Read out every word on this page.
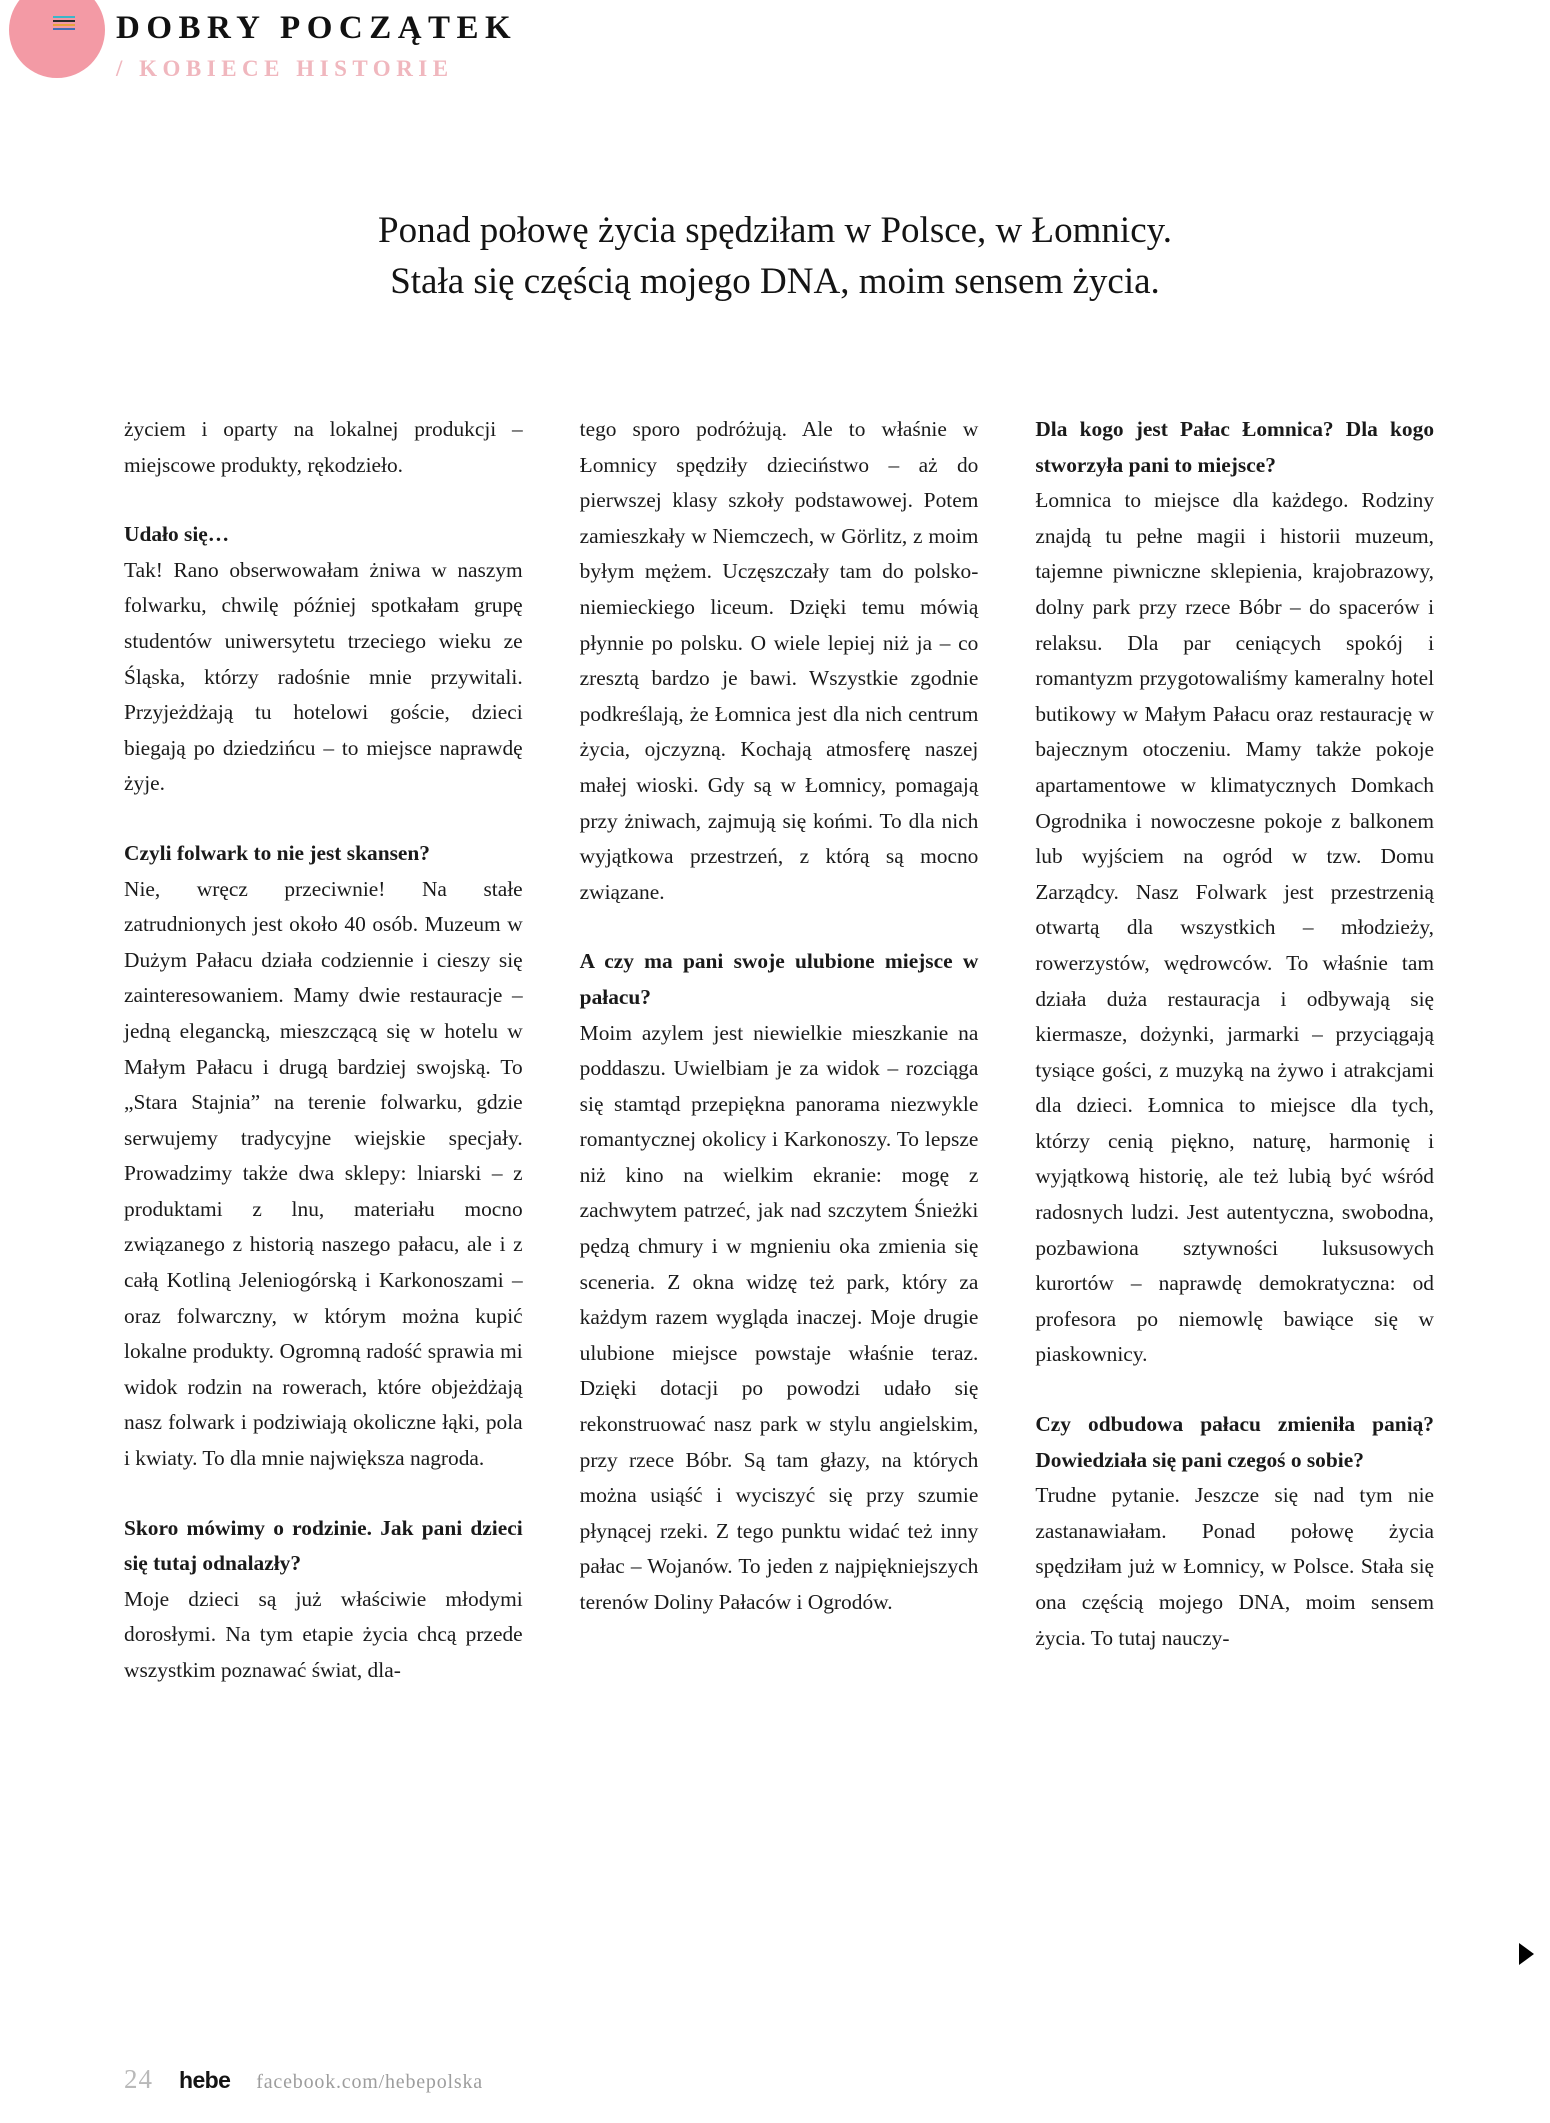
DOBRY POCZĄTEK
/ KOBIECE HISTORIE
Ponad połowę życia spędziłam w Polsce, w Łomnicy.
Stała się częścią mojego DNA, moim sensem życia.

życiem i oparty na lokalnej produkcji – miejscowe produkty, rękodzieło.

Udało się…

Tak! Rano obserwowałam żniwa w naszym folwarku, chwilę później spotkałam grupę studentów uniwersytetu trzeciego wieku ze Śląska, którzy radośnie mnie przywitali. Przyjeżdżają tu hotelowi goście, dzieci biegają po dziedzińcu – to miejsce naprawdę żyje.

Czyli folwark to nie jest skansen?

Nie, wręcz przeciwnie! Na stałe zatrudnionych jest około 40 osób. Muzeum w Dużym Pałacu działa codziennie i cieszy się zainteresowaniem. Mamy dwie restauracje – jedną elegancką, mieszczącą się w hotelu w Małym Pałacu i drugą bardziej swojską. To „Stara Stajnia” na terenie folwarku, gdzie serwujemy tradycyjne wiejskie specjały. Prowadzimy także dwa sklepy: lniarski – z produktami z lnu, materiału mocno związanego z historią naszego pałacu, ale i z całą Kotliną Jeleniogórską i Karkonoszami – oraz folwarczny, w którym można kupić lokalne produkty. Ogromną radość sprawia mi widok rodzin na rowerach, które objeżdżają nasz folwark i podziwiają okoliczne łąki, pola i kwiaty. To dla mnie największa nagroda.

Skoro mówimy o rodzinie. Jak pani dzieci się tutaj odnalazły?

Moje dzieci są już właściwie młodymi dorosłymi. Na tym etapie życia chcą przede wszystkim poznawać świat, dla-

tego sporo podróżują. Ale to właśnie w Łomnicy spędziły dzieciństwo – aż do pierwszej klasy szkoły podstawowej. Potem zamieszkały w Niemczech, w Görlitz, z moim byłym mężem. Uczęszczały tam do polsko-niemieckiego liceum. Dzięki temu mówią płynnie po polsku. O wiele lepiej niż ja – co zresztą bardzo je bawi. Wszystkie zgodnie podkreślają, że Łomnica jest dla nich centrum życia, ojczyzną. Kochają atmosferę naszej małej wioski. Gdy są w Łomnicy, pomagają przy żniwach, zajmują się końmi. To dla nich wyjątkowa przestrzeń, z którą są mocno związane.

A czy ma pani swoje ulubione miejsce w pałacu?

Moim azylem jest niewielkie mieszkanie na poddaszu. Uwielbiam je za widok – rozciąga się stamtąd przepiękna panorama niezwykle romantycznej okolicy i Karkonoszy. To lepsze niż kino na wielkim ekranie: mogę z zachwytem patrzeć, jak nad szczytem Śnieżki pędzą chmury i w mgnieniu oka zmienia się sceneria. Z okna widzę też park, który za każdym razem wygląda inaczej. Moje drugie ulubione miejsce powstaje właśnie teraz. Dzięki dotacji po powodzi udało się rekonstruować nasz park w stylu angielskim, przy rzece Bóbr. Są tam głazy, na których można usiąść i wyciszyć się przy szumie płynącej rzeki. Z tego punktu widać też inny pałac – Wojanów. To jeden z najpiękniejszych terenów Doliny Pałaców i Ogrodów.

Dla kogo jest Pałac Łomnica? Dla kogo stworzyła pani to miejsce?

Łomnica to miejsce dla każdego. Rodziny znajdą tu pełne magii i historii muzeum, tajemne piwniczne sklepienia, krajobrazowy, dolny park przy rzece Bóbr – do spacerów i relaksu. Dla par ceniących spokój i romantyzm przygotowaliśmy kameralny hotel butikowy w Małym Pałacu oraz restaurację w bajecznym otoczeniu. Mamy także pokoje apartamentowe w klimatycznych Domkach Ogrodnika i nowoczesne pokoje z balkonem lub wyjściem na ogród w tzw. Domu Zarządcy. Nasz Folwark jest przestrzenią otwartą dla wszystkich – młodzieży, rowerzystów, wędrowców. To właśnie tam działa duża restauracja i odbywają się kiermasze, dożynki, jarmarki – przyciągają tysiące gości, z muzyką na żywo i atrakcjami dla dzieci. Łomnica to miejsce dla tych, którzy cenią piękno, naturę, harmonię i wyjątkową historię, ale też lubią być wśród radosnych ludzi. Jest autentyczna, swobodna, pozbawiona sztywności luksusowych kurortów – naprawdę demokratyczna: od profesora po niemowlę bawiące się w piaskownicy.

Czy odbudowa pałacu zmieniła panią? Dowiedziała się pani czegoś o sobie?

Trudne pytanie. Jeszcze się nad tym nie zastanawiałam. Ponad połowę życia spędziłam już w Łomnicy, w Polsce. Stała się ona częścią mojego DNA, moim sensem życia. To tutaj nauczy-

24 hebe facebook.com/hebepolska
